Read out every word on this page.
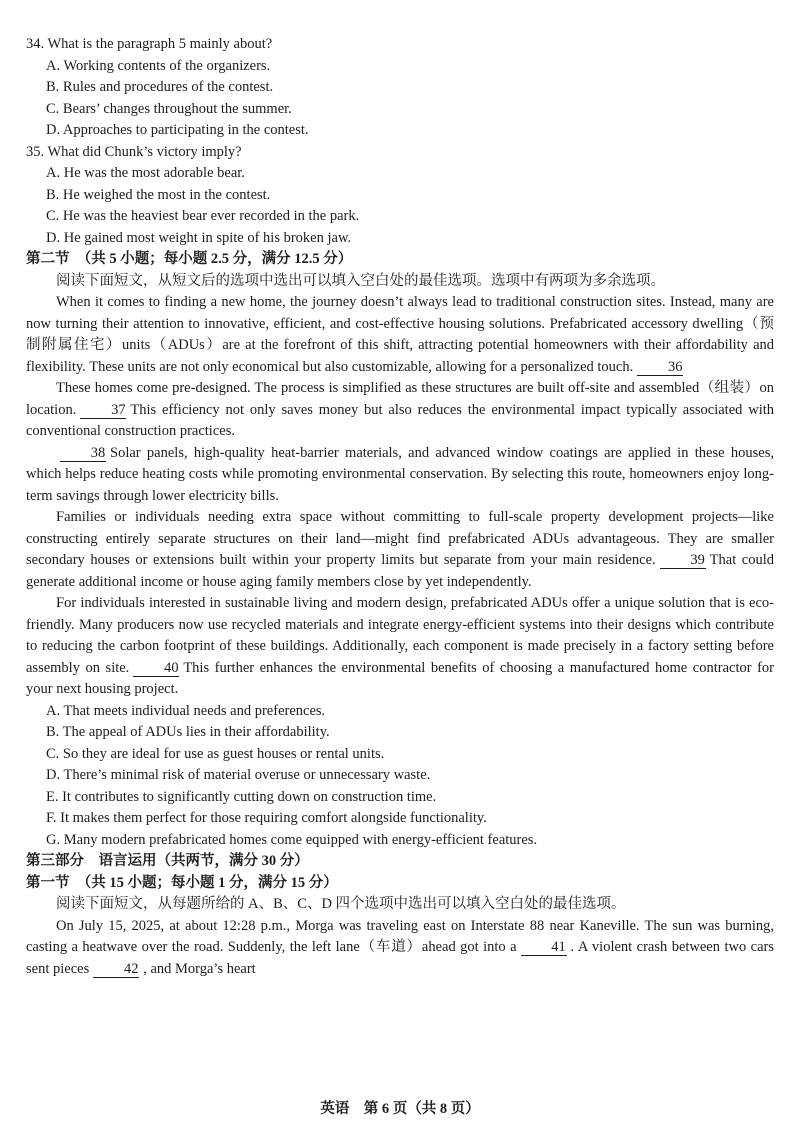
34. What is the paragraph 5 mainly about?
A. Working contents of the organizers.
B. Rules and procedures of the contest.
C. Bears’ changes throughout the summer.
D. Approaches to participating in the contest.
35. What did Chunk’s victory imply?
A. He was the most adorable bear.
B. He weighed the most in the contest.
C. He was the heaviest bear ever recorded in the park.
D. He gained most weight in spite of his broken jaw.
第二节　（共 5 小题；每小题 2.5 分，满分 12.5 分）

阅读下面短文，从短文后的选项中选出可以填入空白处的最佳选项。选项中有两项为多余选项。

When it comes to finding a new home, the journey doesn’t always lead to traditional construction sites. Instead, many are now turning their attention to innovative, efficient, and cost-effective housing solutions. Prefabricated accessory dwelling（预制附属住宅）units（ADUs）are at the forefront of this shift, attracting potential homeowners with their affordability and flexibility. These units are not only economical but also customizable, allowing for a personalized touch. 36

These homes come pre-designed. The process is simplified as these structures are built off-site and assembled（组装）on location. 37 This efficiency not only saves money but also reduces the environmental impact typically associated with conventional construction practices.

38 Solar panels, high-quality heat-barrier materials, and advanced window coatings are applied in these houses, which helps reduce heating costs while promoting environmental conservation. By selecting this route, homeowners enjoy long-term savings through lower electricity bills.

Families or individuals needing extra space without committing to full-scale property development projects—like constructing entirely separate structures on their land—might find prefabricated ADUs advantageous. They are smaller secondary houses or extensions built within your property limits but separate from your main residence. 39 That could generate additional income or house aging family members close by yet independently.

For individuals interested in sustainable living and modern design, prefabricated ADUs offer a unique solution that is eco-friendly. Many producers now use recycled materials and integrate energy-efficient systems into their designs which contribute to reducing the carbon footprint of these buildings. Additionally, each component is made precisely in a factory setting before assembly on site. 40 This further enhances the environmental benefits of choosing a manufactured home contractor for your next housing project.

A. That meets individual needs and preferences.
B. The appeal of ADUs lies in their affordability.
C. So they are ideal for use as guest houses or rental units.
D. There’s minimal risk of material overuse or unnecessary waste.
E. It contributes to significantly cutting down on construction time.
F. It makes them perfect for those requiring comfort alongside functionality.
G. Many modern prefabricated homes come equipped with energy-efficient features.
第三部分　语言运用（共两节，满分 30 分）
第一节　（共 15 小题；每小题 1 分，满分 15 分）

阅读下面短文，从每题所给的 A、B、C、D 四个选项中选出可以填入空白处的最佳选项。

On July 15, 2025, at about 12:28 p.m., Morga was traveling east on Interstate 88 near Kaneville. The sun was burning, casting a heatwave over the road. Suddenly, the left lane（车道）ahead got into a 41 . A violent crash between two cars sent pieces 42 , and Morga’s heart

英语　第 6 页（共 8 页）
